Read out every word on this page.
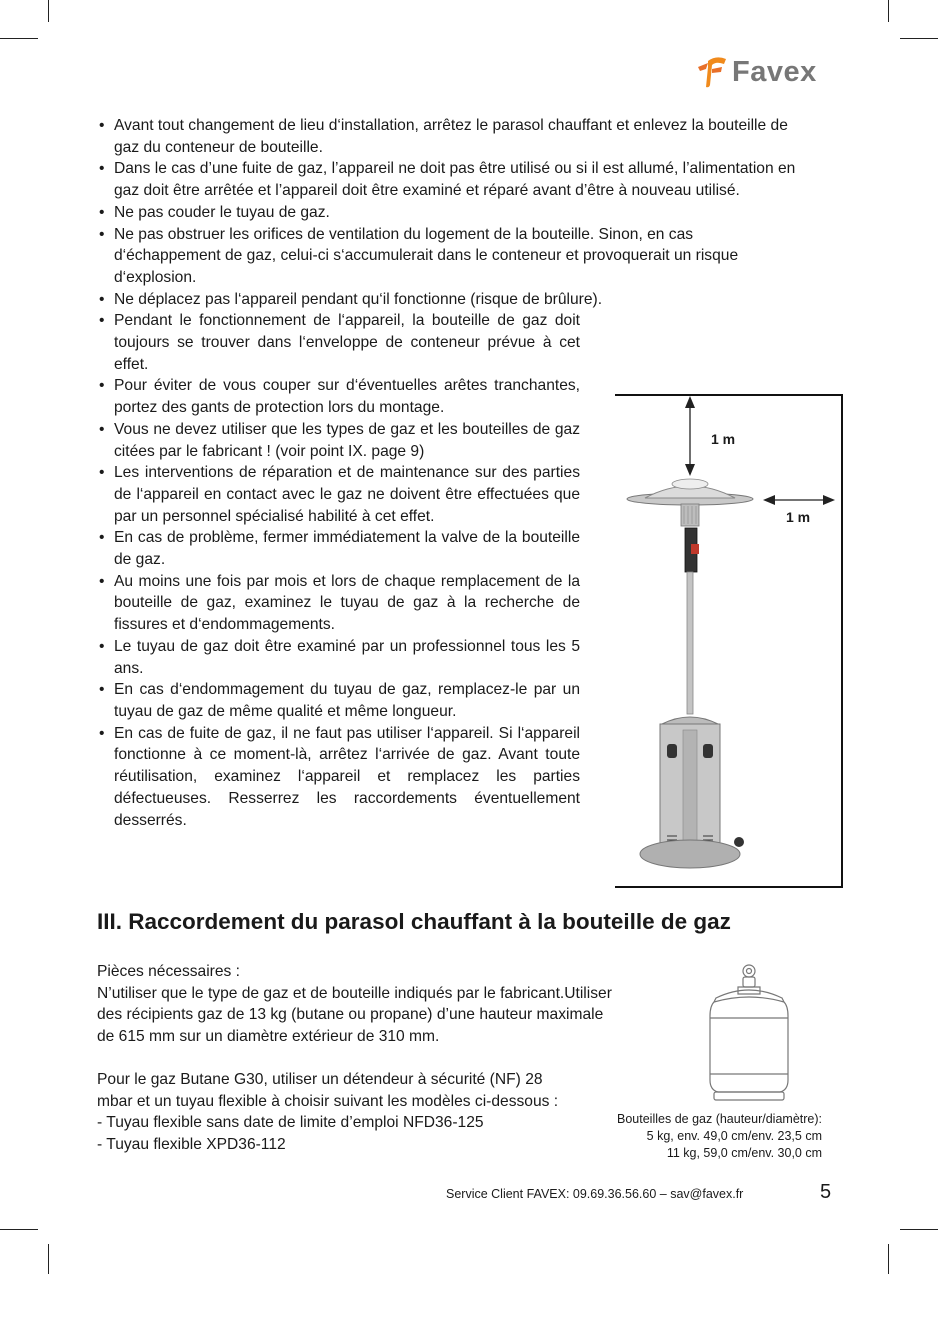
Favex
• Avant tout changement de lieu d‘installation, arrêtez le parasol chauffant et enlevez la bouteille de gaz du conteneur de bouteille.
• Dans le cas d’une fuite de gaz, l’appareil ne doit pas être utilisé ou si il est allumé, l’alimentation en gaz doit être arrêtée et l’appareil doit être examiné et réparé avant d’être à nouveau utilisé.
• Ne pas couder le tuyau de gaz.
• Ne pas obstruer les orifices de ventilation du logement de la bouteille. Sinon, en cas d‘échappement de gaz, celui-ci s‘accumulerait dans le conteneur et provoquerait un risque d‘explosion.
• Ne déplacez pas l‘appareil pendant qu‘il fonctionne (risque de brûlure).
• Pendant le fonctionnement de l‘appareil, la bouteille de gaz doit toujours se trouver dans l‘enveloppe de conteneur prévue à cet effet.
• Pour éviter de vous couper sur d‘éventuelles arêtes tranchantes, portez des gants de protection lors du montage.
• Vous ne devez utiliser que les types de gaz et les bouteilles de gaz citées par le fabricant ! (voir point IX. page 9)
• Les interventions de réparation et de maintenance sur des parties de l‘appareil en contact avec le gaz ne doivent être effectuées que par un personnel spécialisé habilité à cet effet.
• En cas de problème, fermer immédiatement la valve de la bouteille de gaz.
• Au moins une fois par mois et lors de chaque remplacement de la bouteille de gaz, examinez le tuyau de gaz à la recherche de fissures et d‘endommagements.
• Le tuyau de gaz doit être examiné par un professionnel tous les 5 ans.
• En cas d‘endommagement du tuyau de gaz, remplacez-le par un tuyau de gaz de même qualité et même longueur.
• En cas de fuite de gaz, il ne faut pas utiliser l‘appareil. Si l‘appareil fonctionne à ce moment-là, arrêtez l‘arrivée de gaz. Avant toute réutilisation, examinez l‘appareil et remplacez les parties défectueuses. Resserrez les raccordements éventuellement desserrés.
1 m
1 m
III. Raccordement du parasol chauffant à la bouteille de gaz
Pièces nécessaires :
N’utiliser que le type de gaz et de bouteille indiqués par le fabricant.Utiliser
des récipients gaz de 13 kg (butane ou propane) d’une hauteur maximale
de 615 mm sur un diamètre extérieur de 310 mm.
Pour le gaz Butane G30, utiliser un détendeur à sécurité (NF) 28
mbar et un tuyau flexible à choisir suivant les modèles ci-dessous :
- Tuyau flexible sans date de limite d’emploi NFD36-125
- Tuyau flexible XPD36-112
Bouteilles de gaz (hauteur/diamètre):
5 kg, env. 49,0 cm/env. 23,5 cm
11 kg, 59,0 cm/env. 30,0 cm
Service Client FAVEX: 09.69.36.56.60 – sav@favex.fr	5
